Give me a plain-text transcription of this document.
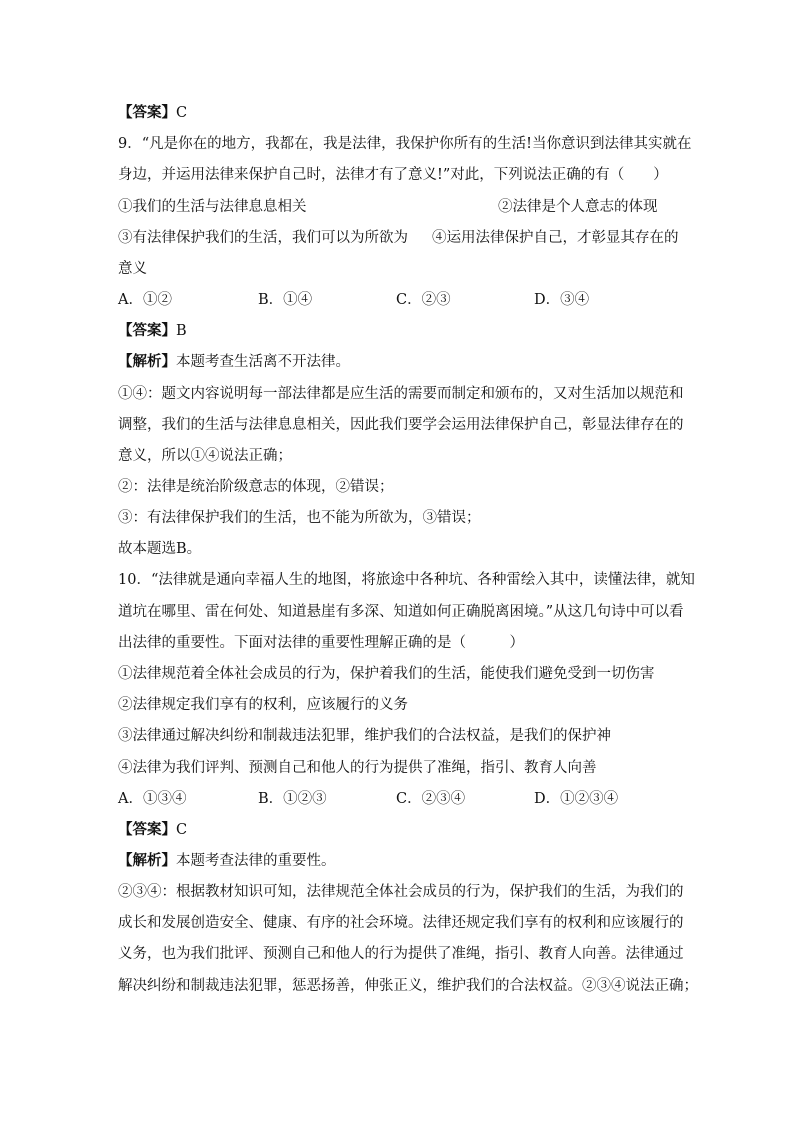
【答案】C
9．“凡是你在的地方，我都在，我是法律，我保护你所有的生活!当你意识到法律其实就在
身边，并运用法律来保护自己时，法律才有了意义!”对此，下列说法正确的有（　　）
①我们的生活与法律息息相关	②法律是个人意志的体现
③有法律保护我们的生活，我们可以为所欲为 ④运用法律保护自己，才彰显其存在的
意义
A．①②	B．①④	C．②③	D．③④
【答案】B
【解析】本题考查生活离不开法律。
①④：题文内容说明每一部法律都是应生活的需要而制定和颁布的，又对生活加以规范和
调整，我们的生活与法律息息相关，因此我们要学会运用法律保护自己，彰显法律存在的
意义，所以①④说法正确；
②：法律是统治阶级意志的体现，②错误；
③：有法律保护我们的生活，也不能为所欲为，③错误；
故本题选B。
10．“法律就是通向幸福人生的地图，将旅途中各种坑、各种雷绘入其中，读懂法律，就知
道坑在哪里、雷在何处、知道悬崖有多深、知道如何正确脱离困境。”从这几句诗中可以看
出法律的重要性。下面对法律的重要性理解正确的是（　　　）
①法律规范着全体社会成员的行为，保护着我们的生活，能使我们避免受到一切伤害
②法律规定我们享有的权利，应该履行的义务
③法律通过解决纠纷和制裁违法犯罪，维护我们的合法权益，是我们的保护神
④法律为我们评判、预测自己和他人的行为提供了准绳，指引、教育人向善
A．①③④	B．①②③	C．②③④	D．①②③④
【答案】C
【解析】本题考查法律的重要性。
②③④：根据教材知识可知，法律规范全体社会成员的行为，保护我们的生活，为我们的
成长和发展创造安全、健康、有序的社会环境。法律还规定我们享有的权利和应该履行的
义务，也为我们批评、预测自己和他人的行为提供了准绳，指引、教育人向善。法律通过
解决纠纷和制裁违法犯罪，惩恶扬善，伸张正义，维护我们的合法权益。②③④说法正确；
